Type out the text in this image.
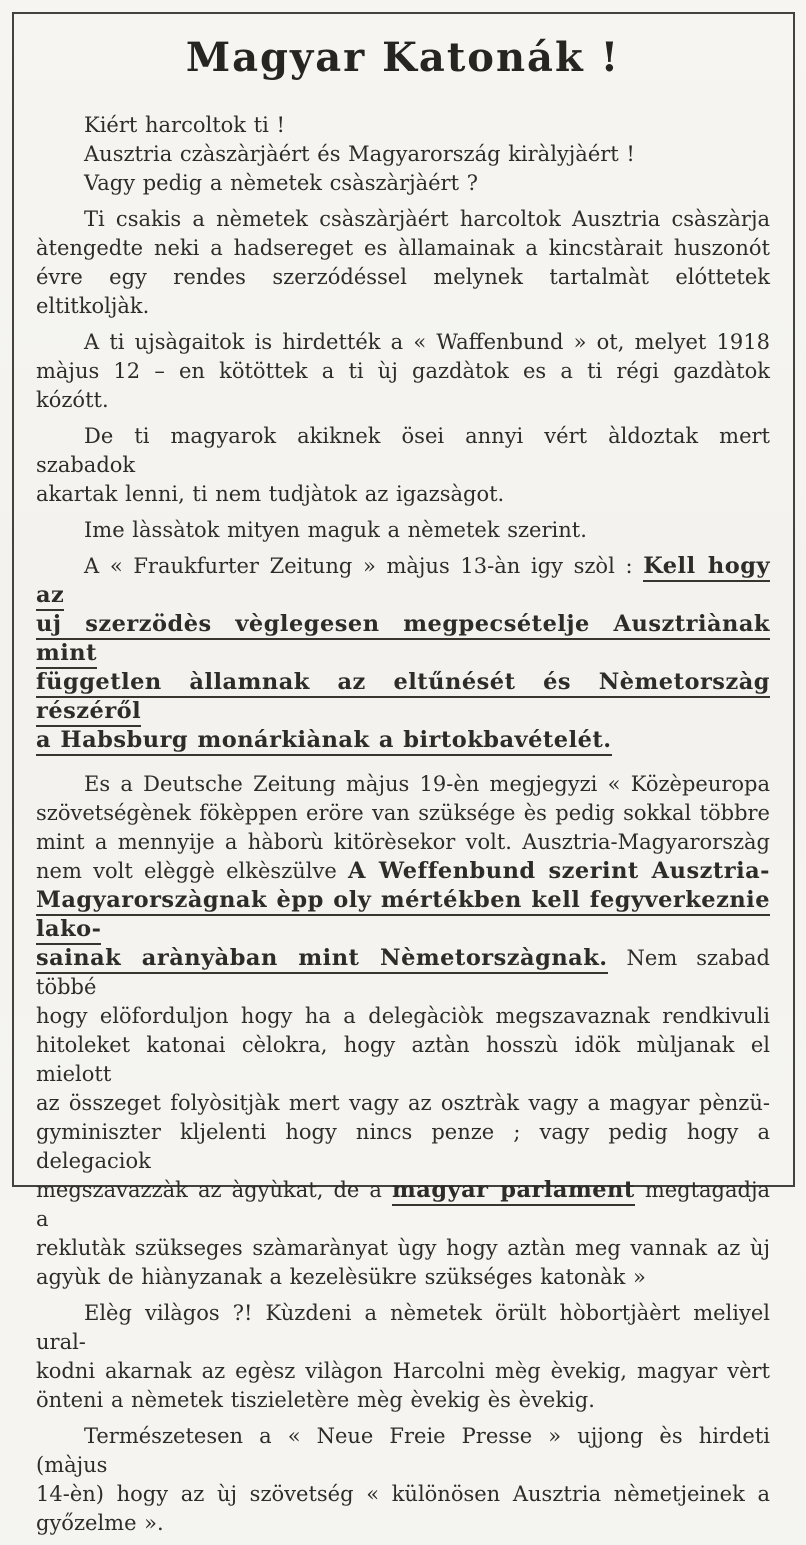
Magyar Katonák !
Kiért harcoltok ti !
Ausztria czàszàrjàért és Magyarország kiràlyjàért !
Vagy pedig a nèmetek csàszàrjàért ?
Ti csakis a nèmetek csàszàrjàért harcoltok Ausztria csàszàrja
àtengedte neki a hadsereget es àllamainak a kincstàrait huszonót
évre egy rendes szerzódéssel melynek tartalmàt elóttetek eltitkoljàk.
A ti ujsàgaitok is hirdették a « Waffenbund » ot, melyet 1918
màjus 12 – en kötöttek a ti ùj gazdàtok es a ti régi gazdàtok
kózótt.
De ti magyarok akiknek ösei annyi vért àldoztak mert szabadok
akartak lenni, ti nem tudjàtok az igazsàgot.
Ime làssàtok mityen maguk a nèmetek szerint.
A « Fraukfurter Zeitung » màjus 13-àn igy szòl : Kell hogy az
uj szerzödès vèglegesen megpecsételje Ausztriànak mint
független àllamnak az eltűnését és Nèmetorszàg részéről
a Habsburg monárkiànak a birtokbavételét.
Es a Deutsche Zeitung màjus 19-èn megjegyzi « Közèpeuropa
szövetségènek fökèppen eröre van szüksége ès pedig sokkal többre
mint a mennyije a hàborù kitörèsekor volt. Ausztria-Magyarorszàg
nem volt elèggè elkèszülve A Weffenbund szerint Ausztria-
Magyarorszàgnak èpp oly mértékben kell fegyverkeznie lako-
sainak arànyàban mint Nèmetorszàgnak. Nem szabad többé
hogy elöforduljon hogy ha a delegàciòk megszavaznak rendkivuli
hitoleket katonai cèlokra, hogy aztàn hosszù idök mùljanak el mielott
az összeget folyòsitjàk mert vagy az osztràk vagy a magyar pènzü-
gyminiszter kljelenti hogy nincs penze ; vagy pedig hogy a delegaciok
megszavazzàk az àgyùkat, de a magyar parlament megtagadja a
reklutàk szükseges szàmarànyat ùgy hogy aztàn meg vannak az ùj
agyùk de hiànyzanak a kezelèsükre szükséges katonàk »
Elèg vilàgos ?! Kùzdeni a nèmetek örült hòbortjàèrt meliyel ural-
kodni akarnak az egèsz vilàgon Harcolni mèg èvekig, magyar vèrt
önteni a nèmetek tiszieletère mèg èvekig ès èvekig.
Természetesen a « Neue Freie Presse » ujjong ès hirdeti (màjus
14-èn) hogy az ùj szövetség « különösen Ausztria nèmetjeinek a
győzelme ».
